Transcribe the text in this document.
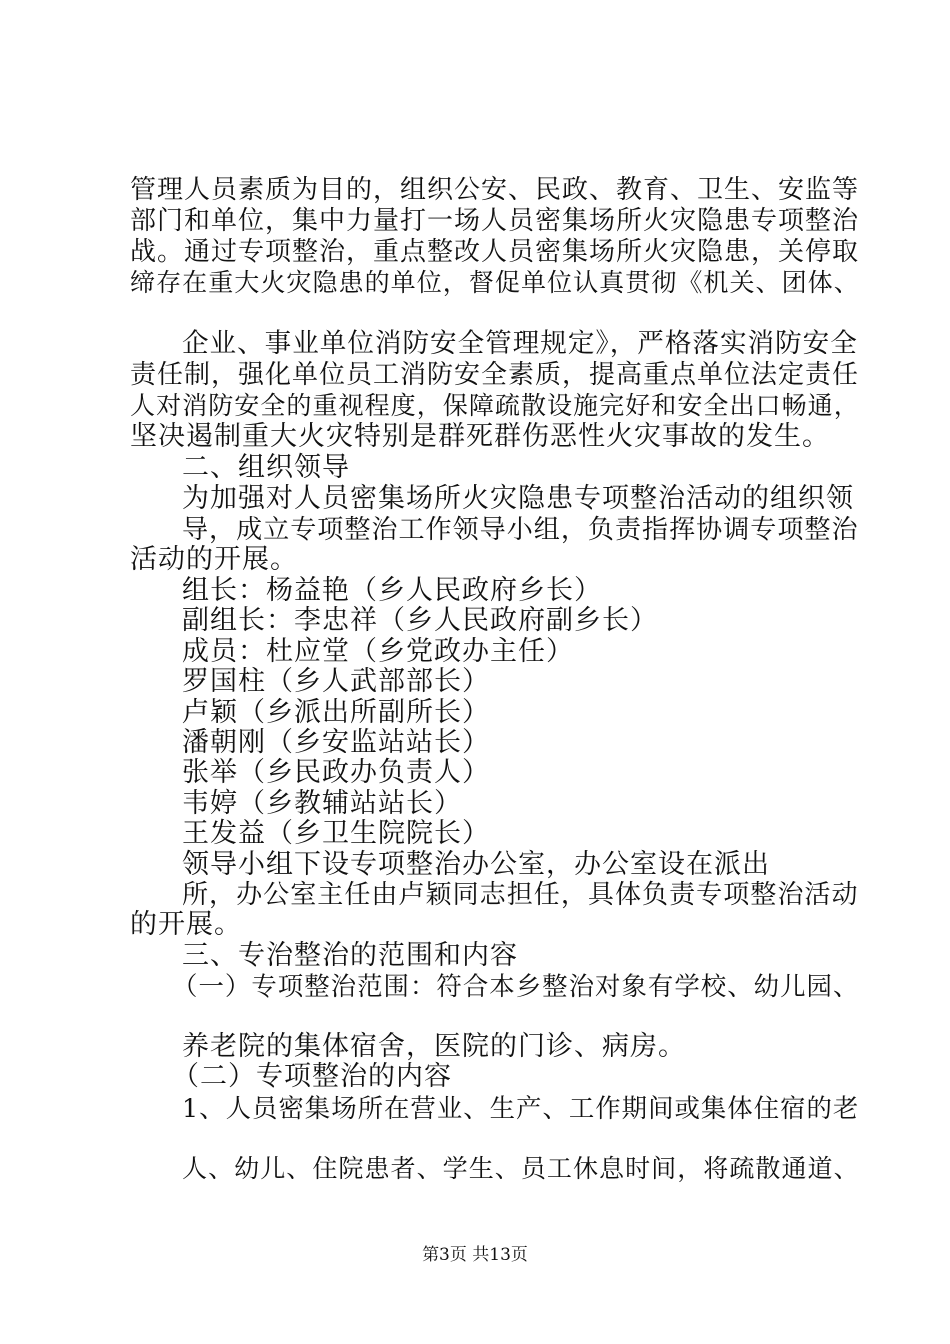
管理人员素质为目的，组织公安、民政、教育、卫生、安监等
部门和单位，集中力量打一场人员密集场所火灾隐患专项整治
战。通过专项整治，重点整改人员密集场所火灾隐患，关停取
缔存在重大火灾隐患的单位，督促单位认真贯彻《机关、团体、
企业、事业单位消防安全管理规定》，严格落实消防安全
责任制，强化单位员工消防安全素质，提高重点单位法定责任
人对消防安全的重视程度，保障疏散设施完好和安全出口畅通，
坚决遏制重大火灾特别是群死群伤恶性火灾事故的发生。
二、组织领导
为加强对人员密集场所火灾隐患专项整治活动的组织领
导，成立专项整治工作领导小组，负责指挥协调专项整治
活动的开展。
组长：杨益艳（乡人民政府乡长）
副组长：李忠祥（乡人民政府副乡长）
成员：杜应堂（乡党政办主任）
罗国柱（乡人武部部长）
卢颖（乡派出所副所长）
潘朝刚（乡安监站站长）
张举（乡民政办负责人）
韦婷（乡教辅站站长）
王发益（乡卫生院院长）
领导小组下设专项整治办公室，办公室设在派出
所，办公室主任由卢颖同志担任，具体负责专项整治活动
的开展。
三、专治整治的范围和内容
（一）专项整治范围：符合本乡整治对象有学校、幼儿园、
养老院的集体宿舍，医院的门诊、病房。
（二）专项整治的内容
1、人员密集场所在营业、生产、工作期间或集体住宿的老
人、幼儿、住院患者、学生、员工休息时间，将疏散通道、
第3页 共13页
